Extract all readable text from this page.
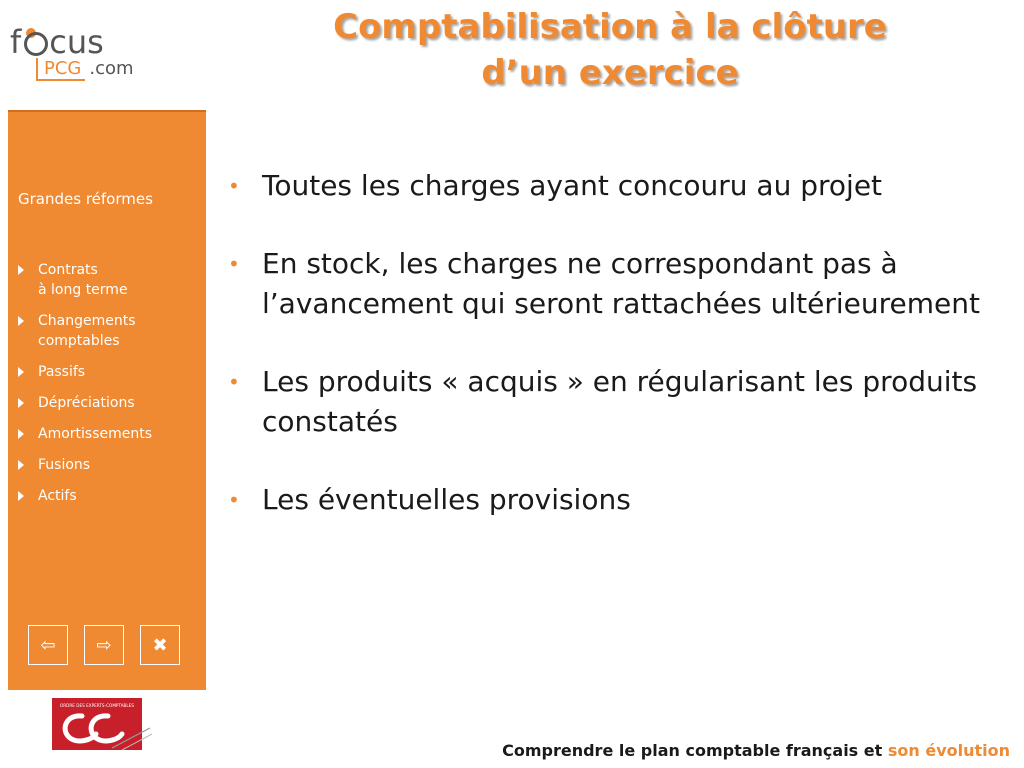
f cus
PCG .com
Comptabilisation à la clôture
d’un exercice
Grandes réformes
Contrats
à long terme
Changements
comptables
Passifs
Dépréciations
Amortissements
Fusions
Actifs
⇦ ⇨ ✖
• Toutes les charges ayant concouru au projet
• En stock, les charges ne correspondant pas à l’avancement qui seront rattachées ultérieurement
• Les produits « acquis » en régularisant les produits constatés
• Les éventuelles provisions
ORDRE DES EXPERTS-COMPTABLES
Comprendre le plan comptable français et son évolution
